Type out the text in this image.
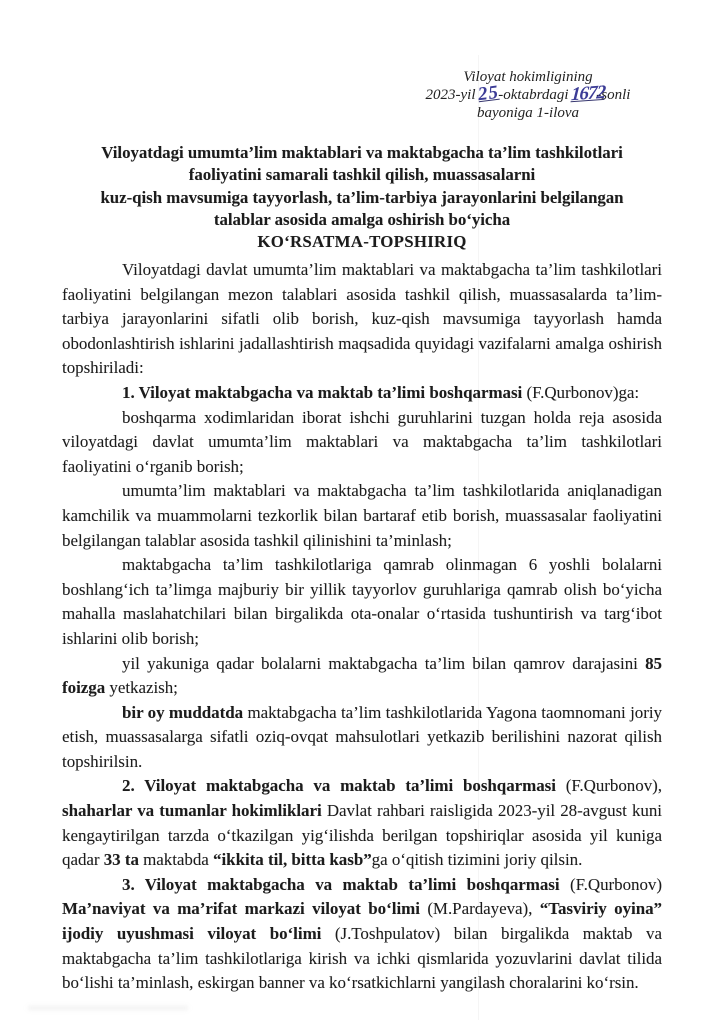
Viloyat hokimligining
2023-yil 25-oktabrdagi 1672-sonli
bayoniga 1-ilova
Viloyatdagi umumta’lim maktablari va maktabgacha ta’lim tashkilotlari
faoliyatini samarali tashkil qilish, muassasalarni
kuz-qish mavsumiga tayyorlash, ta’lim-tarbiya jarayonlarini belgilangan
talablar asosida amalga oshirish bo‘yicha
KO‘RSATMA-TOPSHIRIQ

Viloyatdagi davlat umumta’lim maktablari va maktabgacha ta’lim tashkilotlari faoliyatini belgilangan mezon talablari asosida tashkil qilish, muassasalarda ta’lim-tarbiya jarayonlarini sifatli olib borish, kuz-qish mavsumiga tayyorlash hamda obodonlashtirish ishlarini jadallashtirish maqsadida quyidagi vazifalarni amalga oshirish topshiriladi:

1. Viloyat maktabgacha va maktab ta’limi boshqarmasi (F.Qurbonov)ga:

boshqarma xodimlaridan iborat ishchi guruhlarini tuzgan holda reja asosida viloyatdagi davlat umumta’lim maktablari va maktabgacha ta’lim tashkilotlari faoliyatini o‘rganib borish;

umumta’lim maktablari va maktabgacha ta’lim tashkilotlarida aniqlanadigan kamchilik va muammolarni tezkorlik bilan bartaraf etib borish, muassasalar faoliyatini belgilangan talablar asosida tashkil qilinishini ta’minlash;

maktabgacha ta’lim tashkilotlariga qamrab olinmagan 6 yoshli bolalarni boshlang‘ich ta’limga majburiy bir yillik tayyorlov guruhlariga qamrab olish bo‘yicha mahalla maslahatchilari bilan birgalikda ota-onalar o‘rtasida tushuntirish va targ‘ibot ishlarini olib borish;

yil yakuniga qadar bolalarni maktabgacha ta’lim bilan qamrov darajasini 85 foizga yetkazish;

bir oy muddatda maktabgacha ta’lim tashkilotlarida Yagona taomnomani joriy etish, muassasalarga sifatli oziq-ovqat mahsulotlari yetkazib berilishini nazorat qilish topshirilsin.

2. Viloyat maktabgacha va maktab ta’limi boshqarmasi (F.Qurbonov), shaharlar va tumanlar hokimliklari Davlat rahbari raisligida 2023-yil 28-avgust kuni kengaytirilgan tarzda o‘tkazilgan yig‘ilishda berilgan topshiriqlar asosida yil kuniga qadar 33 ta maktabda “ikkita til, bitta kasb”ga o‘qitish tizimini joriy qilsin.

3. Viloyat maktabgacha va maktab ta’limi boshqarmasi (F.Qurbonov) Ma’naviyat va ma’rifat markazi viloyat bo‘limi (M.Pardayeva), “Tasviriy oyina” ijodiy uyushmasi viloyat bo‘limi (J.Toshpulatov) bilan birgalikda maktab va maktabgacha ta’lim tashkilotlariga kirish va ichki qismlarida yozuvlarini davlat tilida bo‘lishi ta’minlash, eskirgan banner va ko‘rsatkichlarni yangilash choralarini ko‘rsin.
